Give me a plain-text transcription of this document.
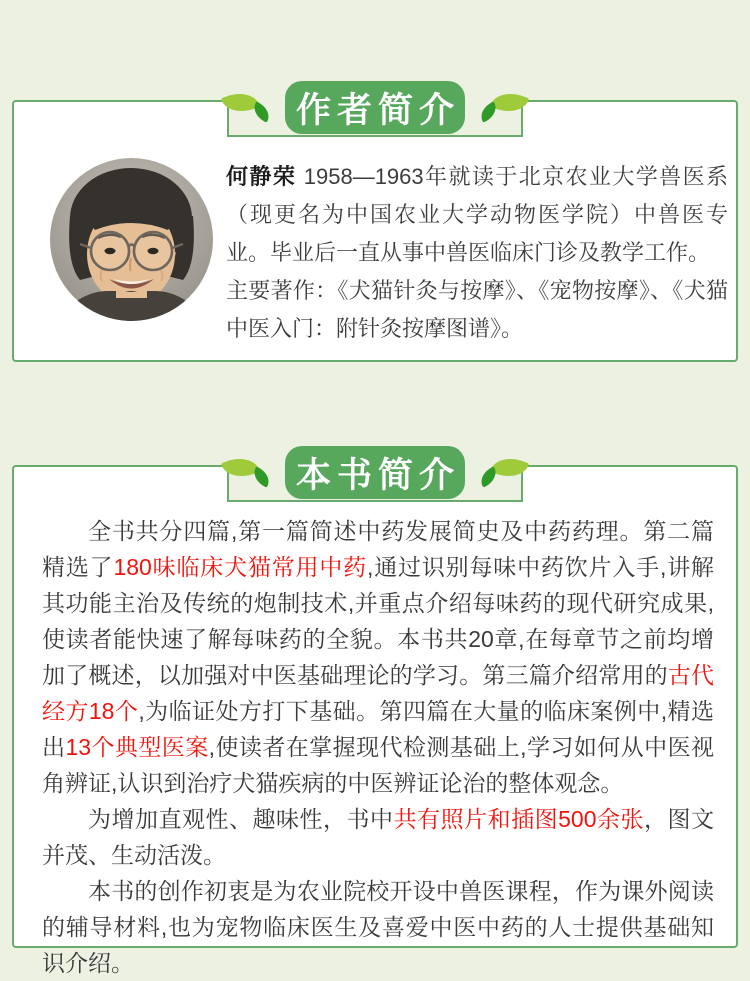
作者简介

何静荣 1958—1963年就读于北京农业大学兽医系（现更名为中国农业大学动物医学院）中兽医专业。毕业后一直从事中兽医临床门诊及教学工作。

主要著作：《犬猫针灸与按摩》、《宠物按摩》、《犬猫中医入门：附针灸按摩图谱》。

本书简介

全书共分四篇,第一篇简述中药发展简史及中药药理。第二篇精选了180味临床犬猫常用中药,通过识别每味中药饮片入手,讲解其功能主治及传统的炮制技术,并重点介绍每味药的现代研究成果,使读者能快速了解每味药的全貌。本书共20章,在每章节之前均增加了概述，以加强对中医基础理论的学习。第三篇介绍常用的古代经方18个,为临证处方打下基础。第四篇在大量的临床案例中,精选出13个典型医案,使读者在掌握现代检测基础上,学习如何从中医视角辨证,认识到治疗犬猫疾病的中医辨证论治的整体观念。

为增加直观性、趣味性，书中共有照片和插图500余张，图文并茂、生动活泼。

本书的创作初衷是为农业院校开设中兽医课程，作为课外阅读的辅导材料,也为宠物临床医生及喜爱中医中药的人士提供基础知识介绍。
